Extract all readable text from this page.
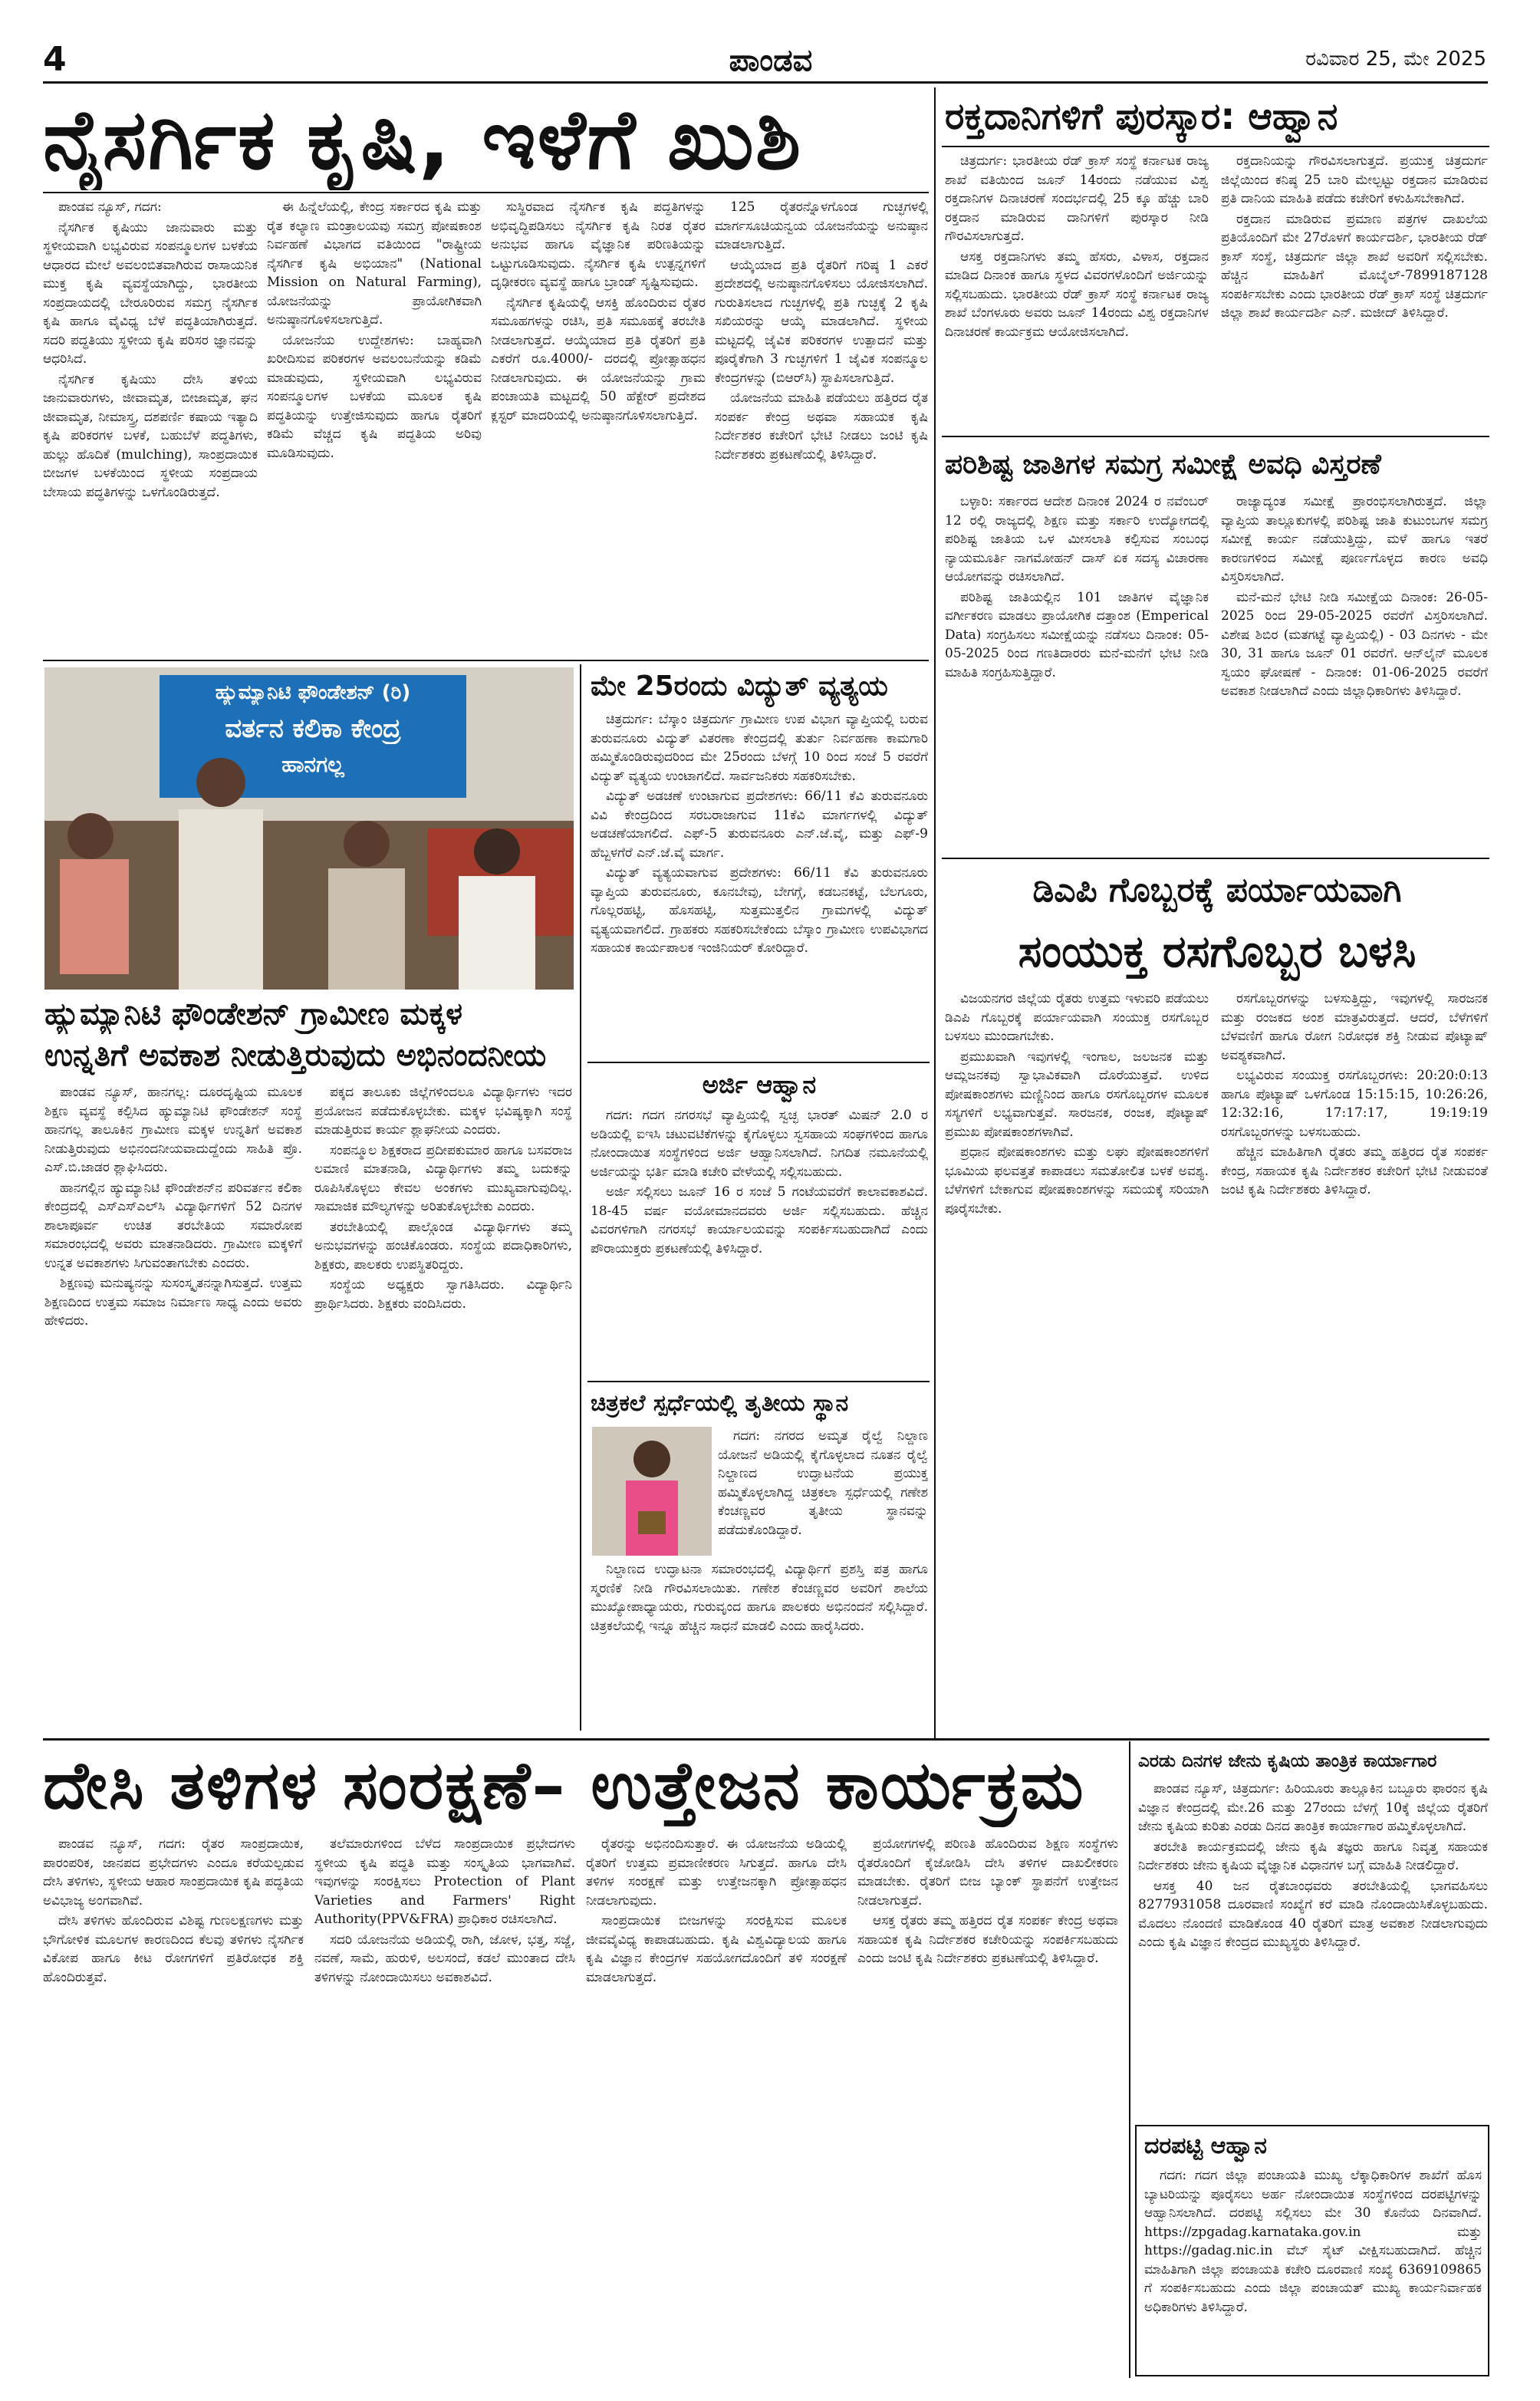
4	ಪಾಂಡವ	ರವಿವಾರ 25, ಮೇ 2025
ನೈಸರ್ಗಿಕ ಕೃಷಿ, ಇಳೆಗೆ ಖುಶಿ

ಪಾಂಡವ ನ್ಯೂಸ್, ಗದಗ:

ನೈಸರ್ಗಿಕ ಕೃಷಿಯು ಜಾನುವಾರು ಮತ್ತು ಸ್ಥಳೀಯವಾಗಿ ಲಭ್ಯವಿರುವ ಸಂಪನ್ಮೂಲಗಳ ಬಳಕೆಯ ಆಧಾರದ ಮೇಲೆ ಅವಲಂಬಿತವಾಗಿರುವ ರಾಸಾಯನಿಕ ಮುಕ್ತ ಕೃಷಿ ವ್ಯವಸ್ಥೆಯಾಗಿದ್ದು, ಭಾರತೀಯ ಸಂಪ್ರದಾಯದಲ್ಲಿ ಬೇರೂರಿರುವ ಸಮಗ್ರ ನೈಸರ್ಗಿಕ ಕೃಷಿ ಹಾಗೂ ವೈವಿಧ್ಯ ಬೆಳೆ ಪದ್ಧತಿಯಾಗಿರುತ್ತದೆ. ಸದರಿ ಪದ್ಧತಿಯು ಸ್ಥಳೀಯ ಕೃಷಿ ಪರಿಸರ ಜ್ಞಾನವನ್ನು ಆಧರಿಸಿದೆ.

ನೈಸರ್ಗಿಕ ಕೃಷಿಯು ದೇಸಿ ತಳಿಯ ಜಾನುವಾರುಗಳು, ಜೀವಾಮೃತ, ಬೀಜಾಮೃತ, ಘನ ಜೀವಾಮೃತ, ನೀಮಾಸ್ತ್ರ, ದಶಪರ್ಣಿ ಕಷಾಯ ಇತ್ಯಾದಿ ಕೃಷಿ ಪರಿಕರಗಳ ಬಳಕೆ, ಬಹುಬೆಳೆ ಪದ್ಧತಿಗಳು, ಹುಲ್ಲು ಹೊದಿಕೆ (mulching), ಸಾಂಪ್ರದಾಯಿಕ ಬೀಜಗಳ ಬಳಕೆಯಿಂದ ಸ್ಥಳೀಯ ಸಂಪ್ರದಾಯ ಬೇಸಾಯ ಪದ್ಧತಿಗಳನ್ನು ಒಳಗೊಂಡಿರುತ್ತದೆ.

ಈ ಹಿನ್ನೆಲೆಯಲ್ಲಿ, ಕೇಂದ್ರ ಸರ್ಕಾರದ ಕೃಷಿ ಮತ್ತು ರೈತ ಕಲ್ಯಾಣ ಮಂತ್ರಾಲಯವು ಸಮಗ್ರ ಪೋಷಕಾಂಶ ನಿರ್ವಹಣೆ ವಿಭಾಗದ ವತಿಯಿಂದ "ರಾಷ್ಟ್ರೀಯ ನೈಸರ್ಗಿಕ ಕೃಷಿ ಅಭಿಯಾನ" (National Mission on Natural Farming), ಯೋಜನೆಯನ್ನು ಪ್ರಾಯೋಗಿಕವಾಗಿ ಅನುಷ್ಠಾನಗೊಳಿಸಲಾಗುತ್ತಿದೆ.

ಯೋಜನೆಯ ಉದ್ದೇಶಗಳು: ಬಾಹ್ಯವಾಗಿ ಖರೀದಿಸುವ ಪರಿಕರಗಳ ಅವಲಂಬನೆಯನ್ನು ಕಡಿಮೆ ಮಾಡುವುದು, ಸ್ಥಳೀಯವಾಗಿ ಲಭ್ಯವಿರುವ ಸಂಪನ್ಮೂಲಗಳ ಬಳಕೆಯ ಮೂಲಕ ಕೃಷಿ ಪದ್ಧತಿಯನ್ನು ಉತ್ತೇಜಿಸುವುದು ಹಾಗೂ ರೈತರಿಗೆ ಕಡಿಮೆ ವೆಚ್ಚದ ಕೃಷಿ ಪದ್ಧತಿಯ ಅರಿವು ಮೂಡಿಸುವುದು.

ಸುಸ್ಥಿರವಾದ ನೈಸರ್ಗಿಕ ಕೃಷಿ ಪದ್ಧತಿಗಳನ್ನು ಅಭಿವೃದ್ಧಿಪಡಿಸಲು ನೈಸರ್ಗಿಕ ಕೃಷಿ ನಿರತ ರೈತರ ಅನುಭವ ಹಾಗೂ ವೈಜ್ಞಾನಿಕ ಪರಿಣತಿಯನ್ನು ಒಟ್ಟುಗೂಡಿಸುವುದು. ನೈಸರ್ಗಿಕ ಕೃಷಿ ಉತ್ಪನ್ನಗಳಿಗೆ ದೃಢೀಕರಣ ವ್ಯವಸ್ಥೆ ಹಾಗೂ ಬ್ರಾಂಡ್ ಸೃಷ್ಟಿಸುವುದು.

ನೈಸರ್ಗಿಕ ಕೃಷಿಯಲ್ಲಿ ಆಸಕ್ತಿ ಹೊಂದಿರುವ ರೈತರ ಸಮೂಹಗಳನ್ನು ರಚಿಸಿ, ಪ್ರತಿ ಸಮೂಹಕ್ಕೆ ತರಬೇತಿ ನೀಡಲಾಗುತ್ತದೆ. ಆಯ್ಕೆಯಾದ ಪ್ರತಿ ರೈತರಿಗೆ ಪ್ರತಿ ಎಕರೆಗೆ ರೂ.4000/- ದರದಲ್ಲಿ ಪ್ರೋತ್ಸಾಹಧನ ನೀಡಲಾಗುವುದು. ಈ ಯೋಜನೆಯನ್ನು ಗ್ರಾಮ ಪಂಚಾಯತಿ ಮಟ್ಟದಲ್ಲಿ 50 ಹೆಕ್ಟೇರ್ ಪ್ರದೇಶದ ಕ್ಲಸ್ಟರ್ ಮಾದರಿಯಲ್ಲಿ ಅನುಷ್ಠಾನಗೊಳಿಸಲಾಗುತ್ತಿದೆ.

125 ರೈತರನ್ನೊಳಗೊಂಡ ಗುಚ್ಛಗಳಲ್ಲಿ ಮಾರ್ಗಸೂಚಿಯನ್ವಯ ಯೋಜನೆಯನ್ನು ಅನುಷ್ಠಾನ ಮಾಡಲಾಗುತ್ತಿದೆ.

ಆಯ್ಕೆಯಾದ ಪ್ರತಿ ರೈತರಿಗೆ ಗರಿಷ್ಠ 1 ಎಕರೆ ಪ್ರದೇಶದಲ್ಲಿ ಅನುಷ್ಠಾನಗೊಳಿಸಲು ಯೋಜಿಸಲಾಗಿದೆ. ಗುರುತಿಸಲಾದ ಗುಚ್ಛಗಳಲ್ಲಿ ಪ್ರತಿ ಗುಚ್ಛಕ್ಕೆ 2 ಕೃಷಿ ಸಖಿಯರನ್ನು ಆಯ್ಕೆ ಮಾಡಲಾಗಿದೆ. ಸ್ಥಳೀಯ ಮಟ್ಟದಲ್ಲಿ ಜೈವಿಕ ಪರಿಕರಗಳ ಉತ್ಪಾದನೆ ಮತ್ತು ಪೂರೈಕೆಗಾಗಿ 3 ಗುಚ್ಛಗಳಿಗೆ 1 ಜೈವಿಕ ಸಂಪನ್ಮೂಲ ಕೇಂದ್ರಗಳನ್ನು (ಬಿಆರ್‌ಸಿ) ಸ್ಥಾಪಿಸಲಾಗುತ್ತಿದೆ.

ಯೋಜನೆಯ ಮಾಹಿತಿ ಪಡೆಯಲು ಹತ್ತಿರದ ರೈತ ಸಂಪರ್ಕ ಕೇಂದ್ರ ಅಥವಾ ಸಹಾಯಕ ಕೃಷಿ ನಿರ್ದೇಶಕರ ಕಚೇರಿಗೆ ಭೇಟಿ ನೀಡಲು ಜಂಟಿ ಕೃಷಿ ನಿರ್ದೇಶಕರು ಪ್ರಕಟಣೆಯಲ್ಲಿ ತಿಳಿಸಿದ್ದಾರೆ.

ಹ್ಯುಮ್ಯಾನಿಟಿ ಫೌಂಡೇಶನ್ (ರಿ)
ವರ್ತನ ಕಲಿಕಾ ಕೇಂದ್ರ
ಹಾನಗಲ್ಲ
ಹ್ಯುಮ್ಯಾನಿಟಿ ಫೌಂಡೇಶನ್ ಗ್ರಾಮೀಣ ಮಕ್ಕಳ
ಉನ್ನತಿಗೆ ಅವಕಾಶ ನೀಡುತ್ತಿರುವುದು ಅಭಿನಂದನೀಯ

ಪಾಂಡವ ನ್ಯೂಸ್, ಹಾನಗಲ್ಲ: ದೂರದೃಷ್ಟಿಯ ಮೂಲಕ ಶಿಕ್ಷಣ ವ್ಯವಸ್ಥೆ ಕಲ್ಪಿಸಿದ ಹ್ಯುಮ್ಯಾನಿಟಿ ಫೌಂಡೇಶನ್ ಸಂಸ್ಥೆ ಹಾನಗಲ್ಲ ತಾಲೂಕಿನ ಗ್ರಾಮೀಣ ಮಕ್ಕಳ ಉನ್ನತಿಗೆ ಅವಕಾಶ ನೀಡುತ್ತಿರುವುದು ಅಭಿನಂದನೀಯವಾದುದ್ದೆಂದು ಸಾಹಿತಿ ಪ್ರೊ. ಎಸ್.ಬಿ.ಜಾಡರ ಶ್ಲಾಘಿಸಿದರು.

ಹಾನಗಲ್ಲಿನ ಹ್ಯುಮ್ಯಾನಿಟಿ ಫೌಂಡೇಶನ್‌ನ ಪರಿವರ್ತನ ಕಲಿಕಾ ಕೇಂದ್ರದಲ್ಲಿ ಎಸ್‌ಎಸ್‌ಎಲ್‌ಸಿ ವಿದ್ಯಾರ್ಥಿಗಳಿಗೆ 52 ದಿನಗಳ ಶಾಲಾಪೂರ್ವ ಉಚಿತ ತರಬೇತಿಯ ಸಮಾರೋಪ ಸಮಾರಂಭದಲ್ಲಿ ಅವರು ಮಾತನಾಡಿದರು. ಗ್ರಾಮೀಣ ಮಕ್ಕಳಿಗೆ ಉನ್ನತ ಅವಕಾಶಗಳು ಸಿಗುವಂತಾಗಬೇಕು ಎಂದರು.

ಶಿಕ್ಷಣವು ಮನುಷ್ಯನನ್ನು ಸುಸಂಸ್ಕೃತನನ್ನಾಗಿಸುತ್ತದೆ. ಉತ್ತಮ ಶಿಕ್ಷಣದಿಂದ ಉತ್ತಮ ಸಮಾಜ ನಿರ್ಮಾಣ ಸಾಧ್ಯ ಎಂದು ಅವರು ಹೇಳಿದರು.

ಪಕ್ಕದ ತಾಲೂಕು ಜಿಲ್ಲೆಗಳಿಂದಲೂ ವಿದ್ಯಾರ್ಥಿಗಳು ಇದರ ಪ್ರಯೋಜನ ಪಡೆದುಕೊಳ್ಳಬೇಕು. ಮಕ್ಕಳ ಭವಿಷ್ಯಕ್ಕಾಗಿ ಸಂಸ್ಥೆ ಮಾಡುತ್ತಿರುವ ಕಾರ್ಯ ಶ್ಲಾಘನೀಯ ಎಂದರು.

ಸಂಪನ್ಮೂಲ ಶಿಕ್ಷಕರಾದ ಪ್ರದೀಪಕುಮಾರ ಹಾಗೂ ಬಸವರಾಜ ಲಮಾಣಿ ಮಾತನಾಡಿ, ವಿದ್ಯಾರ್ಥಿಗಳು ತಮ್ಮ ಬದುಕನ್ನು ರೂಪಿಸಿಕೊಳ್ಳಲು ಕೇವಲ ಅಂಕಗಳು ಮುಖ್ಯವಾಗುವುದಿಲ್ಲ. ಸಾಮಾಜಿಕ ಮೌಲ್ಯಗಳನ್ನು ಅರಿತುಕೊಳ್ಳಬೇಕು ಎಂದರು.

ತರಬೇತಿಯಲ್ಲಿ ಪಾಲ್ಗೊಂಡ ವಿದ್ಯಾರ್ಥಿಗಳು ತಮ್ಮ ಅನುಭವಗಳನ್ನು ಹಂಚಿಕೊಂಡರು. ಸಂಸ್ಥೆಯ ಪದಾಧಿಕಾರಿಗಳು, ಶಿಕ್ಷಕರು, ಪಾಲಕರು ಉಪಸ್ಥಿತರಿದ್ದರು.

ಸಂಸ್ಥೆಯ ಅಧ್ಯಕ್ಷರು ಸ್ವಾಗತಿಸಿದರು. ವಿದ್ಯಾರ್ಥಿನಿ ಪ್ರಾರ್ಥಿಸಿದರು. ಶಿಕ್ಷಕರು ವಂದಿಸಿದರು.

ಮೇ 25ರಂದು ವಿದ್ಯುತ್ ವ್ಯತ್ಯಯ

ಚಿತ್ರದುರ್ಗ: ಬೆಸ್ಕಾಂ ಚಿತ್ರದುರ್ಗ ಗ್ರಾಮೀಣ ಉಪ ವಿಭಾಗ ವ್ಯಾಪ್ತಿಯಲ್ಲಿ ಬರುವ ತುರುವನೂರು ವಿದ್ಯುತ್ ವಿತರಣಾ ಕೇಂದ್ರದಲ್ಲಿ ತುರ್ತು ನಿರ್ವಹಣಾ ಕಾಮಗಾರಿ ಹಮ್ಮಿಕೊಂಡಿರುವುದರಿಂದ ಮೇ 25ರಂದು ಬೆಳಗ್ಗೆ 10 ರಿಂದ ಸಂಜೆ 5 ರವರೆಗೆ ವಿದ್ಯುತ್ ವ್ಯತ್ಯಯ ಉಂಟಾಗಲಿದೆ. ಸಾರ್ವಜನಿಕರು ಸಹಕರಿಸಬೇಕು.

ವಿದ್ಯುತ್ ಅಡಚಣೆ ಉಂಟಾಗುವ ಪ್ರದೇಶಗಳು: 66/11 ಕೆವಿ ತುರುವನೂರು ವಿವಿ ಕೇಂದ್ರದಿಂದ ಸರಬರಾಜಾಗುವ 11ಕೆವಿ ಮಾರ್ಗಗಳಲ್ಲಿ ವಿದ್ಯುತ್ ಅಡಚಣೆಯಾಗಲಿದೆ. ಎಫ್-5 ತುರುವನೂರು ಎನ್.ಜೆ.ವೈ, ಮತ್ತು ಎಫ್-9 ಹೆಬ್ಬಳಗೆರೆ ಎನ್.ಜೆ.ವೈ ಮಾರ್ಗ.

ವಿದ್ಯುತ್ ವ್ಯತ್ಯಯವಾಗುವ ಪ್ರದೇಶಗಳು: 66/11 ಕೆವಿ ತುರುವನೂರು ವ್ಯಾಪ್ತಿಯ ತುರುವನೂರು, ಕೂನಬೇವು, ಬೇಗಗ್ಗೆ, ಕಡಬನಕಟ್ಟೆ, ಬೆಲಗೂರು, ಗೊಲ್ಲರಹಟ್ಟಿ, ಹೊಸಹಟ್ಟಿ, ಸುತ್ತಮುತ್ತಲಿನ ಗ್ರಾಮಗಳಲ್ಲಿ ವಿದ್ಯುತ್ ವ್ಯತ್ಯಯವಾಗಲಿದೆ. ಗ್ರಾಹಕರು ಸಹಕರಿಸಬೇಕೆಂದು ಬೆಸ್ಕಾಂ ಗ್ರಾಮೀಣ ಉಪವಿಭಾಗದ ಸಹಾಯಕ ಕಾರ್ಯಪಾಲಕ ಇಂಜಿನಿಯರ್ ಕೋರಿದ್ದಾರೆ.

ಅರ್ಜಿ ಆಹ್ವಾನ

ಗದಗ: ಗದಗ ನಗರಸಭೆ ವ್ಯಾಪ್ತಿಯಲ್ಲಿ ಸ್ವಚ್ಛ ಭಾರತ್ ಮಿಷನ್ 2.0 ರ ಅಡಿಯಲ್ಲಿ ಐಇಸಿ ಚಟುವಟಿಕೆಗಳನ್ನು ಕೈಗೊಳ್ಳಲು ಸ್ವಸಹಾಯ ಸಂಘಗಳಿಂದ ಹಾಗೂ ನೋಂದಾಯಿತ ಸಂಸ್ಥೆಗಳಿಂದ ಅರ್ಜಿ ಆಹ್ವಾನಿಸಲಾಗಿದೆ. ನಿಗದಿತ ನಮೂನೆಯಲ್ಲಿ ಅರ್ಜಿಯನ್ನು ಭರ್ತಿ ಮಾಡಿ ಕಚೇರಿ ವೇಳೆಯಲ್ಲಿ ಸಲ್ಲಿಸಬಹುದು.

ಅರ್ಜಿ ಸಲ್ಲಿಸಲು ಜೂನ್ 16 ರ ಸಂಜೆ 5 ಗಂಟೆಯವರೆಗೆ ಕಾಲಾವಕಾಶವಿದೆ. 18-45 ವರ್ಷ ವಯೋಮಾನದವರು ಅರ್ಜಿ ಸಲ್ಲಿಸಬಹುದು. ಹೆಚ್ಚಿನ ವಿವರಗಳಿಗಾಗಿ ನಗರಸಭೆ ಕಾರ್ಯಾಲಯವನ್ನು ಸಂಪರ್ಕಿಸಬಹುದಾಗಿದೆ ಎಂದು ಪೌರಾಯುಕ್ತರು ಪ್ರಕಟಣೆಯಲ್ಲಿ ತಿಳಿಸಿದ್ದಾರೆ.

ಚಿತ್ರಕಲೆ ಸ್ಪರ್ಧೆಯಲ್ಲಿ ತೃತೀಯ ಸ್ಥಾನ

ಗದಗ: ನಗರದ ಅಮೃತ ರೈಲ್ವೆ ನಿಲ್ದಾಣ ಯೋಜನೆ ಅಡಿಯಲ್ಲಿ ಕೈಗೊಳ್ಳಲಾದ ನೂತನ ರೈಲ್ವೆ ನಿಲ್ದಾಣದ ಉದ್ಘಾಟನೆಯ ಪ್ರಯುಕ್ತ ಹಮ್ಮಿಕೊಳ್ಳಲಾಗಿದ್ದ ಚಿತ್ರಕಲಾ ಸ್ಪರ್ಧೆಯಲ್ಲಿ ಗಣೇಶ ಕೆಂಚಣ್ಣವರ ತೃತೀಯ ಸ್ಥಾನವನ್ನು ಪಡೆದುಕೊಂಡಿದ್ದಾರೆ.

ನಿಲ್ದಾಣದ ಉದ್ಘಾಟನಾ ಸಮಾರಂಭದಲ್ಲಿ ವಿದ್ಯಾರ್ಥಿಗೆ ಪ್ರಶಸ್ತಿ ಪತ್ರ ಹಾಗೂ ಸ್ಮರಣಿಕೆ ನೀಡಿ ಗೌರವಿಸಲಾಯಿತು. ಗಣೇಶ ಕೆಂಚಣ್ಣವರ ಅವರಿಗೆ ಶಾಲೆಯ ಮುಖ್ಯೋಪಾಧ್ಯಾಯರು, ಗುರುವೃಂದ ಹಾಗೂ ಪಾಲಕರು ಅಭಿನಂದನೆ ಸಲ್ಲಿಸಿದ್ದಾರೆ. ಚಿತ್ರಕಲೆಯಲ್ಲಿ ಇನ್ನೂ ಹೆಚ್ಚಿನ ಸಾಧನೆ ಮಾಡಲಿ ಎಂದು ಹಾರೈಸಿದರು.

ರಕ್ತದಾನಿಗಳಿಗೆ ಪುರಸ್ಕಾರ: ಆಹ್ವಾನ

ಚಿತ್ರದುರ್ಗ: ಭಾರತೀಯ ರೆಡ್ ಕ್ರಾಸ್ ಸಂಸ್ಥೆ ಕರ್ನಾಟಕ ರಾಜ್ಯ ಶಾಖೆ ವತಿಯಿಂದ ಜೂನ್ 14ರಂದು ನಡೆಯುವ ವಿಶ್ವ ರಕ್ತದಾನಿಗಳ ದಿನಾಚರಣೆ ಸಂದರ್ಭದಲ್ಲಿ 25 ಕ್ಕೂ ಹೆಚ್ಚು ಬಾರಿ ರಕ್ತದಾನ ಮಾಡಿರುವ ದಾನಿಗಳಿಗೆ ಪುರಸ್ಕಾರ ನೀಡಿ ಗೌರವಿಸಲಾಗುತ್ತದೆ.

ಆಸಕ್ತ ರಕ್ತದಾನಿಗಳು ತಮ್ಮ ಹೆಸರು, ವಿಳಾಸ, ರಕ್ತದಾನ ಮಾಡಿದ ದಿನಾಂಕ ಹಾಗೂ ಸ್ಥಳದ ವಿವರಗಳೊಂದಿಗೆ ಅರ್ಜಿಯನ್ನು ಸಲ್ಲಿಸಬಹುದು. ಭಾರತೀಯ ರೆಡ್ ಕ್ರಾಸ್ ಸಂಸ್ಥೆ ಕರ್ನಾಟಕ ರಾಜ್ಯ ಶಾಖೆ ಬೆಂಗಳೂರು ಅವರು ಜೂನ್ 14ರಂದು ವಿಶ್ವ ರಕ್ತದಾನಿಗಳ ದಿನಾಚರಣೆ ಕಾರ್ಯಕ್ರಮ ಆಯೋಜಿಸಲಾಗಿದೆ.

ರಕ್ತದಾನಿಯನ್ನು ಗೌರವಿಸಲಾಗುತ್ತದೆ. ಪ್ರಯುಕ್ತ ಚಿತ್ರದುರ್ಗ ಜಿಲ್ಲೆಯಿಂದ ಕನಿಷ್ಠ 25 ಬಾರಿ ಮೇಲ್ಪಟ್ಟು ರಕ್ತದಾನ ಮಾಡಿರುವ ಪ್ರತಿ ದಾನಿಯ ಮಾಹಿತಿ ಪಡೆದು ಕಚೇರಿಗೆ ಕಳುಹಿಸಬೇಕಾಗಿದೆ.

ರಕ್ತದಾನ ಮಾಡಿರುವ ಪ್ರಮಾಣ ಪತ್ರಗಳ ದಾಖಲೆಯ ಪ್ರತಿಯೊಂದಿಗೆ ಮೇ 27ರೊಳಗೆ ಕಾರ್ಯದರ್ಶಿ, ಭಾರತೀಯ ರೆಡ್ ಕ್ರಾಸ್ ಸಂಸ್ಥೆ, ಚಿತ್ರದುರ್ಗ ಜಿಲ್ಲಾ ಶಾಖೆ ಅವರಿಗೆ ಸಲ್ಲಿಸಬೇಕು. ಹೆಚ್ಚಿನ ಮಾಹಿತಿಗೆ ಮೊಬೈಲ್-7899187128 ಸಂಪರ್ಕಿಸಬೇಕು ಎಂದು ಭಾರತೀಯ ರೆಡ್ ಕ್ರಾಸ್ ಸಂಸ್ಥೆ ಚಿತ್ರದುರ್ಗ ಜಿಲ್ಲಾ ಶಾಖೆ ಕಾರ್ಯದರ್ಶಿ ಎನ್. ಮಜೀದ್ ತಿಳಿಸಿದ್ದಾರೆ.

ಪರಿಶಿಷ್ಟ ಜಾತಿಗಳ ಸಮಗ್ರ ಸಮೀಕ್ಷೆ ಅವಧಿ ವಿಸ್ತರಣೆ

ಬಳ್ಳಾರಿ: ಸರ್ಕಾರದ ಆದೇಶ ದಿನಾಂಕ 2024 ರ ನವೆಂಬರ್ 12 ರಲ್ಲಿ ರಾಜ್ಯದಲ್ಲಿ ಶಿಕ್ಷಣ ಮತ್ತು ಸರ್ಕಾರಿ ಉದ್ಯೋಗದಲ್ಲಿ ಪರಿಶಿಷ್ಟ ಜಾತಿಯ ಒಳ ಮೀಸಲಾತಿ ಕಲ್ಪಿಸುವ ಸಂಬಂಧ ನ್ಯಾಯಮೂರ್ತಿ ನಾಗಮೋಹನ್ ದಾಸ್ ಏಕ ಸದಸ್ಯ ವಿಚಾರಣಾ ಆಯೋಗವನ್ನು ರಚಿಸಲಾಗಿದೆ.

ಪರಿಶಿಷ್ಟ ಜಾತಿಯಲ್ಲಿನ 101 ಜಾತಿಗಳ ವೈಜ್ಞಾನಿಕ ವರ್ಗೀಕರಣ ಮಾಡಲು ಪ್ರಾಯೋಗಿಕ ದತ್ತಾಂಶ (Emperical Data) ಸಂಗ್ರಹಿಸಲು ಸಮೀಕ್ಷೆಯನ್ನು ನಡೆಸಲು ದಿನಾಂಕ: 05-05-2025 ರಿಂದ ಗಣತಿದಾರರು ಮನೆ-ಮನೆಗೆ ಭೇಟಿ ನೀಡಿ ಮಾಹಿತಿ ಸಂಗ್ರಹಿಸುತ್ತಿದ್ದಾರೆ.

ರಾಜ್ಯಾದ್ಯಂತ ಸಮೀಕ್ಷೆ ಪ್ರಾರಂಭಿಸಲಾಗಿರುತ್ತದೆ. ಜಿಲ್ಲಾ ವ್ಯಾಪ್ತಿಯ ತಾಲ್ಲೂಕುಗಳಲ್ಲಿ ಪರಿಶಿಷ್ಟ ಜಾತಿ ಕುಟುಂಬಗಳ ಸಮಗ್ರ ಸಮೀಕ್ಷೆ ಕಾರ್ಯ ನಡೆಯುತ್ತಿದ್ದು, ಮಳೆ ಹಾಗೂ ಇತರೆ ಕಾರಣಗಳಿಂದ ಸಮೀಕ್ಷೆ ಪೂರ್ಣಗೊಳ್ಳದ ಕಾರಣ ಅವಧಿ ವಿಸ್ತರಿಸಲಾಗಿದೆ.

ಮನೆ-ಮನೆ ಭೇಟಿ ನೀಡಿ ಸಮೀಕ್ಷೆಯ ದಿನಾಂಕ: 26-05-2025 ರಿಂದ 29-05-2025 ರವರೆಗೆ ವಿಸ್ತರಿಸಲಾಗಿದೆ. ವಿಶೇಷ ಶಿಬಿರ (ಮತಗಟ್ಟೆ ವ್ಯಾಪ್ತಿಯಲ್ಲಿ) - 03 ದಿನಗಳು - ಮೇ 30, 31 ಹಾಗೂ ಜೂನ್ 01 ರವರೆಗೆ. ಆನ್‌ಲೈನ್ ಮೂಲಕ ಸ್ವಯಂ ಘೋಷಣೆ - ದಿನಾಂಕ: 01-06-2025 ರವರೆಗೆ ಅವಕಾಶ ನೀಡಲಾಗಿದೆ ಎಂದು ಜಿಲ್ಲಾಧಿಕಾರಿಗಳು ತಿಳಿಸಿದ್ದಾರೆ.

ಡಿಎಪಿ ಗೊಬ್ಬರಕ್ಕೆ ಪರ್ಯಾಯವಾಗಿ
ಸಂಯುಕ್ತ ರಸಗೊಬ್ಬರ ಬಳಸಿ

ವಿಜಯನಗರ ಜಿಲ್ಲೆಯ ರೈತರು ಉತ್ತಮ ಇಳುವರಿ ಪಡೆಯಲು ಡಿಎಪಿ ಗೊಬ್ಬರಕ್ಕೆ ಪರ್ಯಾಯವಾಗಿ ಸಂಯುಕ್ತ ರಸಗೊಬ್ಬರ ಬಳಸಲು ಮುಂದಾಗಬೇಕು.

ಪ್ರಮುಖವಾಗಿ ಇವುಗಳಲ್ಲಿ ಇಂಗಾಲ, ಜಲಜನಕ ಮತ್ತು ಆಮ್ಲಜನಕವು ಸ್ವಾಭಾವಿಕವಾಗಿ ದೊರೆಯುತ್ತವೆ. ಉಳಿದ ಪೋಷಕಾಂಶಗಳು ಮಣ್ಣಿನಿಂದ ಹಾಗೂ ರಸಗೊಬ್ಬರಗಳ ಮೂಲಕ ಸಸ್ಯಗಳಿಗೆ ಲಭ್ಯವಾಗುತ್ತವೆ. ಸಾರಜನಕ, ರಂಜಕ, ಪೊಟ್ಯಾಷ್ ಪ್ರಮುಖ ಪೋಷಕಾಂಶಗಳಾಗಿವೆ.

ಪ್ರಧಾನ ಪೋಷಕಾಂಶಗಳು ಮತ್ತು ಲಘು ಪೋಷಕಾಂಶಗಳಿಗೆ ಭೂಮಿಯ ಫಲವತ್ತತೆ ಕಾಪಾಡಲು ಸಮತೋಲಿತ ಬಳಕೆ ಅವಶ್ಯ. ಬೆಳೆಗಳಿಗೆ ಬೇಕಾಗುವ ಪೋಷಕಾಂಶಗಳನ್ನು ಸಮಯಕ್ಕೆ ಸರಿಯಾಗಿ ಪೂರೈಸಬೇಕು.

ರಸಗೊಬ್ಬರಗಳನ್ನು ಬಳಸುತ್ತಿದ್ದು, ಇವುಗಳಲ್ಲಿ ಸಾರಜನಕ ಮತ್ತು ರಂಜಕದ ಅಂಶ ಮಾತ್ರವಿರುತ್ತದೆ. ಆದರೆ, ಬೆಳೆಗಳಿಗೆ ಬೆಳವಣಿಗೆ ಹಾಗೂ ರೋಗ ನಿರೋಧಕ ಶಕ್ತಿ ನೀಡುವ ಪೊಟ್ಯಾಷ್ ಅವಶ್ಯಕವಾಗಿದೆ.

ಲಭ್ಯವಿರುವ ಸಂಯುಕ್ತ ರಸಗೊಬ್ಬರಗಳು: 20:20:0:13 ಹಾಗೂ ಪೊಟ್ಯಾಷ್ ಒಳಗೊಂಡ 15:15:15, 10:26:26, 12:32:16, 17:17:17, 19:19:19 ರಸಗೊಬ್ಬರಗಳನ್ನು ಬಳಸಬಹುದು.

ಹೆಚ್ಚಿನ ಮಾಹಿತಿಗಾಗಿ ರೈತರು ತಮ್ಮ ಹತ್ತಿರದ ರೈತ ಸಂಪರ್ಕ ಕೇಂದ್ರ, ಸಹಾಯಕ ಕೃಷಿ ನಿರ್ದೇಶಕರ ಕಚೇರಿಗೆ ಭೇಟಿ ನೀಡುವಂತೆ ಜಂಟಿ ಕೃಷಿ ನಿರ್ದೇಶಕರು ತಿಳಿಸಿದ್ದಾರೆ.

ದೇಸಿ ತಳಿಗಳ ಸಂರಕ್ಷಣೆ– ಉತ್ತೇಜನ ಕಾರ್ಯಕ್ರಮ

ಪಾಂಡವ ನ್ಯೂಸ್, ಗದಗ: ರೈತರ ಸಾಂಪ್ರದಾಯಿಕ, ಪಾರಂಪರಿಕ, ಜಾನಪದ ಪ್ರಭೇದಗಳು ಎಂದೂ ಕರೆಯಲ್ಪಡುವ ದೇಸಿ ತಳಿಗಳು, ಸ್ಥಳೀಯ ಆಹಾರ ಸಾಂಪ್ರದಾಯಿಕ ಕೃಷಿ ಪದ್ಧತಿಯ ಅವಿಭಾಜ್ಯ ಅಂಗವಾಗಿವೆ.

ದೇಸಿ ತಳಿಗಳು ಹೊಂದಿರುವ ವಿಶಿಷ್ಟ ಗುಣಲಕ್ಷಣಗಳು ಮತ್ತು ಭೌಗೋಳಿಕ ಮೂಲಗಳ ಕಾರಣದಿಂದ ಕೆಲವು ತಳಿಗಳು ನೈಸರ್ಗಿಕ ವಿಕೋಪ ಹಾಗೂ ಕೀಟ ರೋಗಗಳಿಗೆ ಪ್ರತಿರೋಧಕ ಶಕ್ತಿ ಹೊಂದಿರುತ್ತವೆ.

ತಲೆಮಾರುಗಳಿಂದ ಬೆಳೆದ ಸಾಂಪ್ರದಾಯಿಕ ಪ್ರಭೇದಗಳು ಸ್ಥಳೀಯ ಕೃಷಿ ಪದ್ಧತಿ ಮತ್ತು ಸಂಸ್ಕೃತಿಯ ಭಾಗವಾಗಿವೆ. ಇವುಗಳನ್ನು ಸಂರಕ್ಷಿಸಲು Protection of Plant Varieties and Farmers' Right Authority(PPV&FRA) ಪ್ರಾಧಿಕಾರ ರಚಿಸಲಾಗಿದೆ.

ಸದರಿ ಯೋಜನೆಯ ಅಡಿಯಲ್ಲಿ ರಾಗಿ, ಜೋಳ, ಭತ್ತ, ಸಜ್ಜೆ, ನವಣೆ, ಸಾಮೆ, ಹುರುಳಿ, ಅಲಸಂದೆ, ಕಡಲೆ ಮುಂತಾದ ದೇಸಿ ತಳಿಗಳನ್ನು ನೋಂದಾಯಿಸಲು ಅವಕಾಶವಿದೆ.

ರೈತರನ್ನು ಅಭಿನಂದಿಸುತ್ತಾರೆ. ಈ ಯೋಜನೆಯ ಅಡಿಯಲ್ಲಿ ರೈತರಿಗೆ ಉತ್ತಮ ಪ್ರಮಾಣೀಕರಣ ಸಿಗುತ್ತದೆ. ಹಾಗೂ ದೇಸಿ ತಳಿಗಳ ಸಂರಕ್ಷಣೆ ಮತ್ತು ಉತ್ತೇಜನಕ್ಕಾಗಿ ಪ್ರೋತ್ಸಾಹಧನ ನೀಡಲಾಗುವುದು.

ಸಾಂಪ್ರದಾಯಿಕ ಬೀಜಗಳನ್ನು ಸಂರಕ್ಷಿಸುವ ಮೂಲಕ ಜೀವವೈವಿಧ್ಯ ಕಾಪಾಡಬಹುದು. ಕೃಷಿ ವಿಶ್ವವಿದ್ಯಾಲಯ ಹಾಗೂ ಕೃಷಿ ವಿಜ್ಞಾನ ಕೇಂದ್ರಗಳ ಸಹಯೋಗದೊಂದಿಗೆ ತಳಿ ಸಂರಕ್ಷಣೆ ಮಾಡಲಾಗುತ್ತದೆ.

ಪ್ರಯೋಗಗಳಲ್ಲಿ ಪರಿಣತಿ ಹೊಂದಿರುವ ಶಿಕ್ಷಣ ಸಂಸ್ಥೆಗಳು ರೈತರೊಂದಿಗೆ ಕೈಜೋಡಿಸಿ ದೇಸಿ ತಳಿಗಳ ದಾಖಲೀಕರಣ ಮಾಡಬೇಕು. ರೈತರಿಗೆ ಬೀಜ ಬ್ಯಾಂಕ್ ಸ್ಥಾಪನೆಗೆ ಉತ್ತೇಜನ ನೀಡಲಾಗುತ್ತದೆ.

ಆಸಕ್ತ ರೈತರು ತಮ್ಮ ಹತ್ತಿರದ ರೈತ ಸಂಪರ್ಕ ಕೇಂದ್ರ ಅಥವಾ ಸಹಾಯಕ ಕೃಷಿ ನಿರ್ದೇಶಕರ ಕಚೇರಿಯನ್ನು ಸಂಪರ್ಕಿಸಬಹುದು ಎಂದು ಜಂಟಿ ಕೃಷಿ ನಿರ್ದೇಶಕರು ಪ್ರಕಟಣೆಯಲ್ಲಿ ತಿಳಿಸಿದ್ದಾರೆ.

ಎರಡು ದಿನಗಳ ಜೇನು ಕೃಷಿಯ ತಾಂತ್ರಿಕ ಕಾರ್ಯಾಗಾರ

ಪಾಂಡವ ನ್ಯೂಸ್, ಚಿತ್ರದುರ್ಗ: ಹಿರಿಯೂರು ತಾಲ್ಲೂಕಿನ ಬಬ್ಬೂರು ಫಾರಂನ ಕೃಷಿ ವಿಜ್ಞಾನ ಕೇಂದ್ರದಲ್ಲಿ ಮೇ.26 ಮತ್ತು 27ರಂದು ಬೆಳಗ್ಗೆ 10ಕ್ಕೆ ಜಿಲ್ಲೆಯ ರೈತರಿಗೆ ಜೇನು ಕೃಷಿಯ ಕುರಿತು ಎರಡು ದಿನದ ತಾಂತ್ರಿಕ ಕಾರ್ಯಾಗಾರ ಹಮ್ಮಿಕೊಳ್ಳಲಾಗಿದೆ.

ತರಬೇತಿ ಕಾರ್ಯಕ್ರಮದಲ್ಲಿ ಜೇನು ಕೃಷಿ ತಜ್ಞರು ಹಾಗೂ ನಿವೃತ್ತ ಸಹಾಯಕ ನಿರ್ದೇಶಕರು ಜೇನು ಕೃಷಿಯ ವೈಜ್ಞಾನಿಕ ವಿಧಾನಗಳ ಬಗ್ಗೆ ಮಾಹಿತಿ ನೀಡಲಿದ್ದಾರೆ.

ಆಸಕ್ತ 40 ಜನ ರೈತಬಾಂಧವರು ತರಬೇತಿಯಲ್ಲಿ ಭಾಗವಹಿಸಲು 8277931058 ದೂರವಾಣಿ ಸಂಖ್ಯೆಗೆ ಕರೆ ಮಾಡಿ ನೊಂದಾಯಿಸಿಕೊಳ್ಳಬಹುದು. ಮೊದಲು ನೊಂದಣಿ ಮಾಡಿಕೊಂಡ 40 ರೈತರಿಗೆ ಮಾತ್ರ ಅವಕಾಶ ನೀಡಲಾಗುವುದು ಎಂದು ಕೃಷಿ ವಿಜ್ಞಾನ ಕೇಂದ್ರದ ಮುಖ್ಯಸ್ಥರು ತಿಳಿಸಿದ್ದಾರೆ.

ದರಪಟ್ಟಿ ಆಹ್ವಾನ

ಗದಗ: ಗದಗ ಜಿಲ್ಲಾ ಪಂಚಾಯತಿ ಮುಖ್ಯ ಲೆಕ್ಕಾಧಿಕಾರಿಗಳ ಶಾಖೆಗೆ ಹೊಸ ಬ್ಯಾಟರಿಯನ್ನು ಪೂರೈಸಲು ಅರ್ಹ ನೋಂದಾಯಿತ ಸಂಸ್ಥೆಗಳಿಂದ ದರಪಟ್ಟಿಗಳನ್ನು ಆಹ್ವಾನಿಸಲಾಗಿದೆ. ದರಪಟ್ಟಿ ಸಲ್ಲಿಸಲು ಮೇ 30 ಕೊನೆಯ ದಿನವಾಗಿದೆ. https://zpgadag.karnataka.gov.in ಮತ್ತು https://gadag.nic.in ವೆಬ್ ಸೈಟ್ ವೀಕ್ಷಿಸಬಹುದಾಗಿದೆ. ಹೆಚ್ಚಿನ ಮಾಹಿತಿಗಾಗಿ ಜಿಲ್ಲಾ ಪಂಚಾಯತಿ ಕಚೇರಿ ದೂರವಾಣಿ ಸಂಖ್ಯೆ 6369109865 ಗೆ ಸಂಪರ್ಕಿಸಬಹುದು ಎಂದು ಜಿಲ್ಲಾ ಪಂಚಾಯತ್ ಮುಖ್ಯ ಕಾರ್ಯನಿರ್ವಾಹಕ ಅಧಿಕಾರಿಗಳು ತಿಳಿಸಿದ್ದಾರೆ.
